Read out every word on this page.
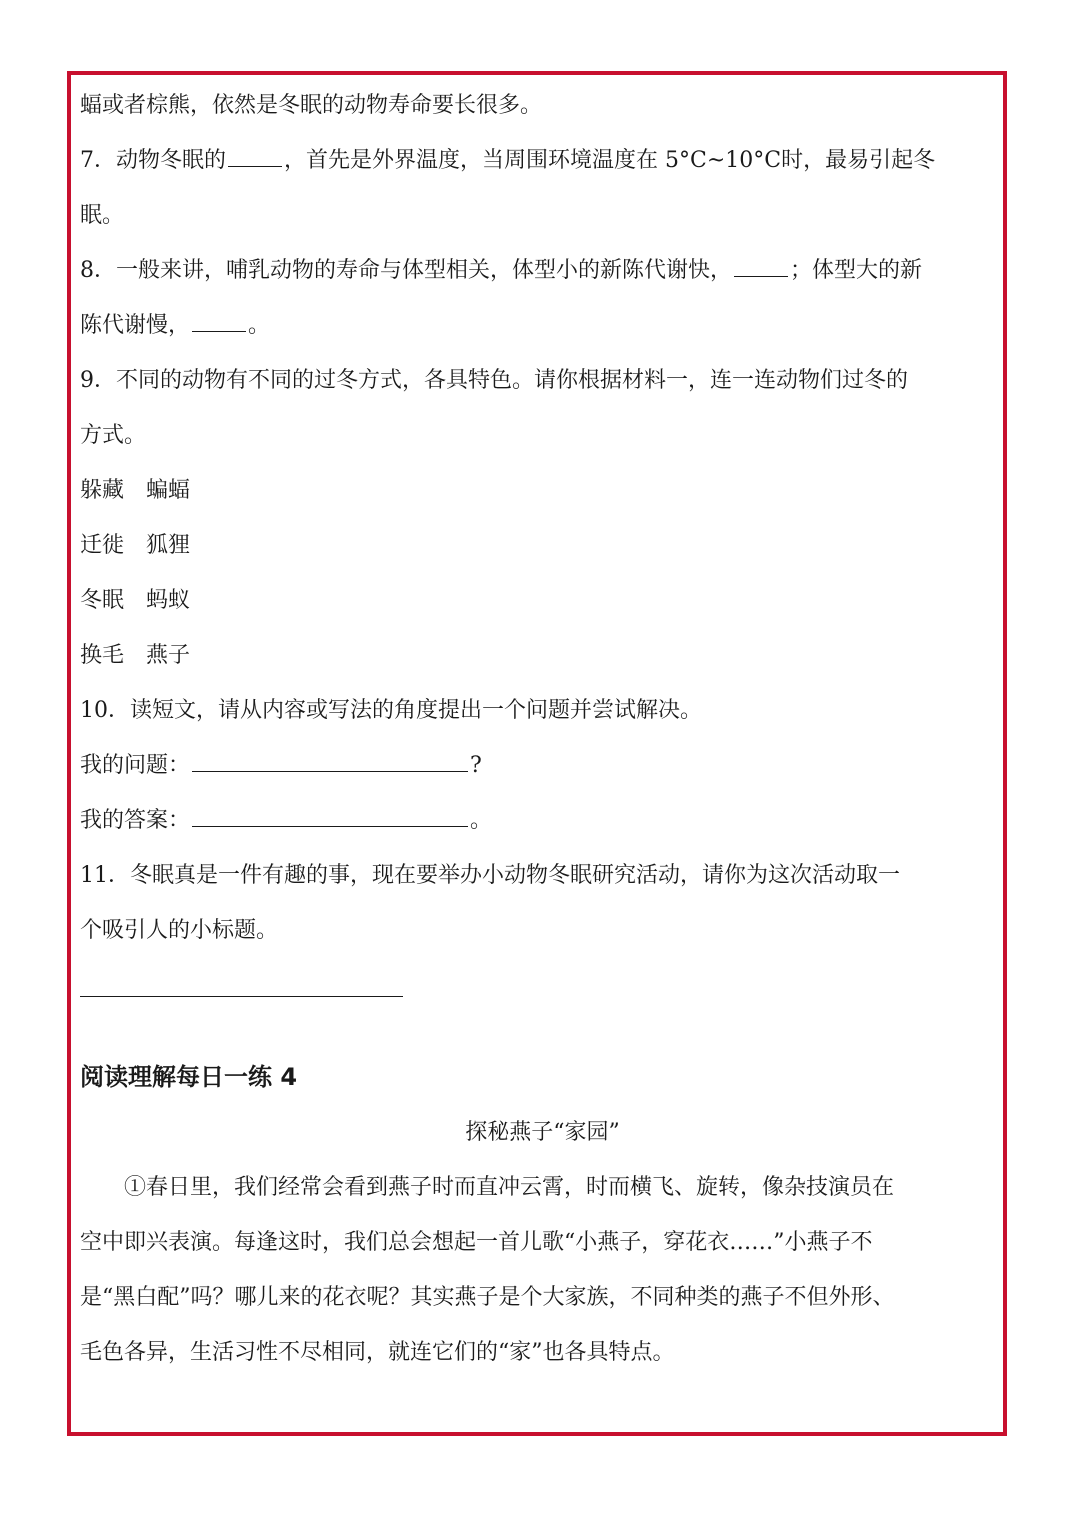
蝠或者棕熊，依然是冬眠的动物寿命要长很多。
7．动物冬眠的	，首先是外界温度，当周围环境温度在 5°C~10°C时，最易引起冬
眠。
8．一般来讲，哺乳动物的寿命与体型相关，体型小的新陈代谢快，	；体型大的新
陈代谢慢，	。
9．不同的动物有不同的过冬方式，各具特色。请你根据材料一，连一连动物们过冬的
方式。
躲藏 蝙蝠
迁徙 狐狸
冬眠 蚂蚁
换毛 燕子
10．读短文，请从内容或写法的角度提出一个问题并尝试解决。
我的问题：	?
我的答案：	。
11．冬眠真是一件有趣的事，现在要举办小动物冬眠研究活动，请你为这次活动取一
个吸引人的小标题。
阅读理解每日一练 4
探秘燕子“家园”
①春日里，我们经常会看到燕子时而直冲云霄，时而横飞、旋转，像杂技演员在
空中即兴表演。每逢这时，我们总会想起一首儿歌“小燕子，穿花衣……”小燕子不
是“黑白配”吗？哪儿来的花衣呢？其实燕子是个大家族，不同种类的燕子不但外形、
毛色各异，生活习性不尽相同，就连它们的“家”也各具特点。
